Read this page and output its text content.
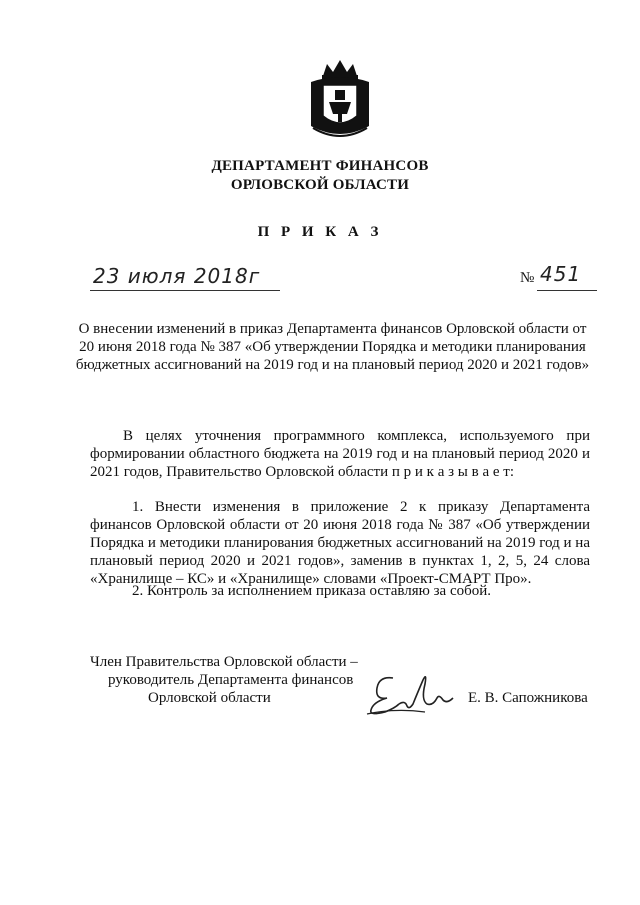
ДЕПАРТАМЕНТ ФИНАНСОВ
ОРЛОВСКОЙ ОБЛАСТИ
П Р И К А З
23 июля 2018г	№ 451
О внесении изменений в приказ Департамента финансов Орловской области от 20 июня 2018 года № 387 «Об утверждении Порядка и методики планирования бюджетных ассигнований на 2019 год и на плановый период 2020 и 2021 годов»
В целях уточнения программного комплекса, используемого при формировании областного бюджета на 2019 год и на плановый период 2020 и 2021 годов, Правительство Орловской области п р и к а з ы в а е т:
1. Внести изменения в приложение 2 к приказу Департамента финансов Орловской области от 20 июня 2018 года № 387 «Об утверждении Порядка и методики планирования бюджетных ассигнований на 2019 год и на плановый период 2020 и 2021 годов», заменив в пунктах 1, 2, 5, 24 слова «Хранилище – КС» и «Хранилище» словами «Проект-СМАРТ Про».
2. Контроль за исполнением приказа оставляю за собой.
Член Правительства Орловской области –
руководитель Департамента финансов
Орловской области	Е. В. Сапожникова
